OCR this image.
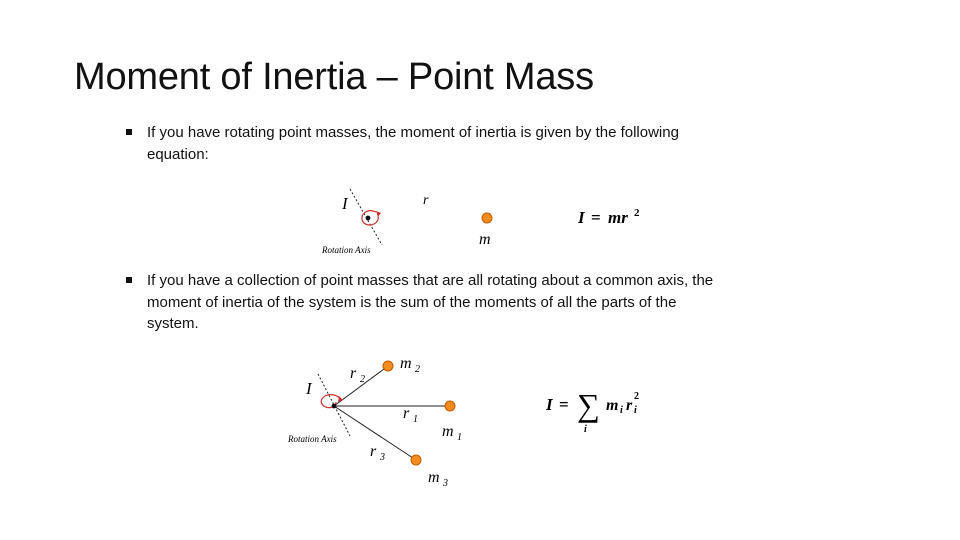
Moment of Inertia – Point Mass
If you have rotating point masses, the moment of inertia is given by the following equation:
I	r
Rotation Axis
m
I = mr 2
If you have a collection of point masses that are all rotating about a common axis, the moment of inertia of the system is the sum of the moments of all the parts of the system.
I
Rotation Axis
r 2
m 2
r 1
m 1
r 3
m 3
I = ∑
i
m i r i
2
